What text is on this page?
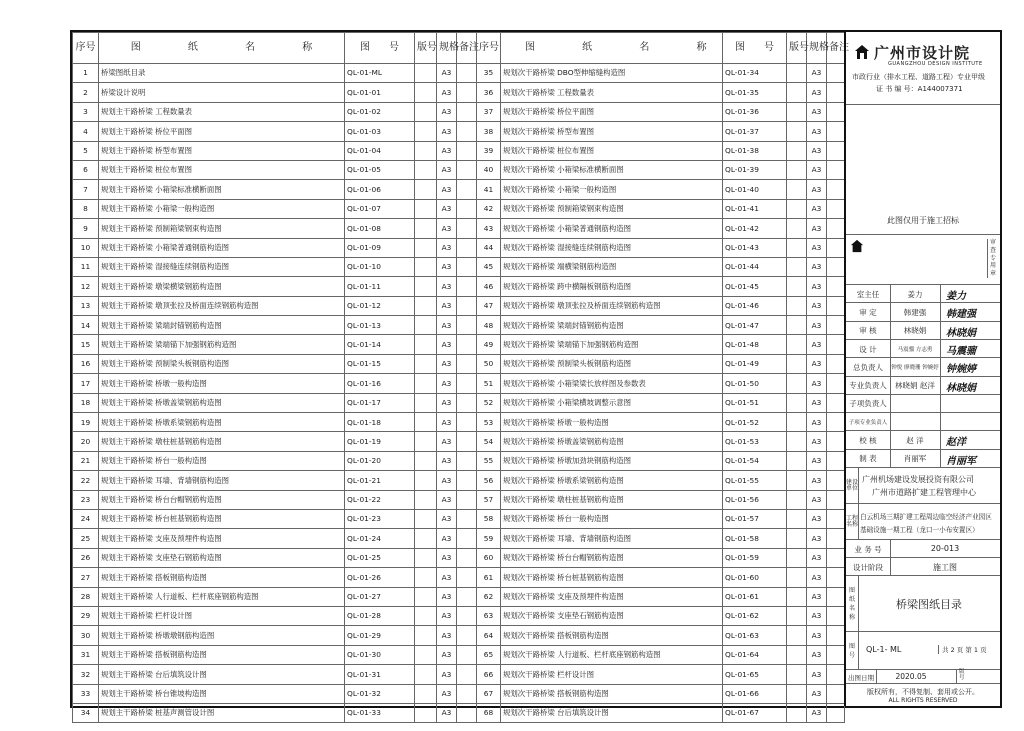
序号	图 纸 名 称	图 号	版号	规格	备注
1	桥梁图纸目录	QL-01-ML		A3	
2	桥梁设计说明	QL-01-01		A3	
3	规划主干路桥梁 工程数量表	QL-01-02		A3	
4	规划主干路桥梁 桥位平面图	QL-01-03		A3	
5	规划主干路桥梁 桥型布置图	QL-01-04		A3	
6	规划主干路桥梁 桩位布置图	QL-01-05		A3	
7	规划主干路桥梁 小箱梁标准横断面图	QL-01-06		A3	
8	规划主干路桥梁 小箱梁一般构造图	QL-01-07		A3	
9	规划主干路桥梁 预制箱梁钢束构造图	QL-01-08		A3	
10	规划主干路桥梁 小箱梁普通钢筋构造图	QL-01-09		A3	
11	规划主干路桥梁 湿接缝连续钢筋构造图	QL-01-10		A3	
12	规划主干路桥梁 墩梁横梁钢筋构造图	QL-01-11		A3	
13	规划主干路桥梁 墩顶张拉及桥面连续钢筋构造图	QL-01-12		A3	
14	规划主干路桥梁 梁端封锚钢筋构造图	QL-01-13		A3	
15	规划主干路桥梁 梁端锚下加强钢筋构造图	QL-01-14		A3	
16	规划主干路桥梁 预制梁头板钢筋构造图	QL-01-15		A3	
17	规划主干路桥梁 桥墩一般构造图	QL-01-16		A3	
18	规划主干路桥梁 桥墩盖梁钢筋构造图	QL-01-17		A3	
19	规划主干路桥梁 桥墩系梁钢筋构造图	QL-01-18		A3	
20	规划主干路桥梁 墩柱桩基钢筋构造图	QL-01-19		A3	
21	规划主干路桥梁 桥台一般构造图	QL-01-20		A3	
22	规划主干路桥梁 耳墙、背墙钢筋构造图	QL-01-21		A3	
23	规划主干路桥梁 桥台台帽钢筋构造图	QL-01-22		A3	
24	规划主干路桥梁 桥台桩基钢筋构造图	QL-01-23		A3	
25	规划主干路桥梁 支座及预埋件构造图	QL-01-24		A3	
26	规划主干路桥梁 支座垫石钢筋构造图	QL-01-25		A3	
27	规划主干路桥梁 搭板钢筋构造图	QL-01-26		A3	
28	规划主干路桥梁 人行道板、栏杆底座钢筋构造图	QL-01-27		A3	
29	规划主干路桥梁 栏杆设计图	QL-01-28		A3	
30	规划主干路桥梁 桥墩墩钢筋构造图	QL-01-29		A3	
31	规划主干路桥梁 搭板钢筋构造图	QL-01-30		A3	
32	规划主干路桥梁 台后填筑设计图	QL-01-31		A3	
33	规划主干路桥梁 桥台锥坡构造图	QL-01-32		A3	
34	规划主干路桥梁 桩基声测管设计图	QL-01-33		A3	
序号	图 纸 名 称	图 号	版号	规格	备注
35	规划次干路桥梁 DBO型伸缩缝构造图	QL-01-34		A3	
36	规划次干路桥梁 工程数量表	QL-01-35		A3	
37	规划次干路桥梁 桥位平面图	QL-01-36		A3	
38	规划次干路桥梁 桥型布置图	QL-01-37		A3	
39	规划次干路桥梁 桩位布置图	QL-01-38		A3	
40	规划次干路桥梁 小箱梁标准横断面图	QL-01-39		A3	
41	规划次干路桥梁 小箱梁一般构造图	QL-01-40		A3	
42	规划次干路桥梁 预制箱梁钢束构造图	QL-01-41		A3	
43	规划次干路桥梁 小箱梁普通钢筋构造图	QL-01-42		A3	
44	规划次干路桥梁 湿接缝连续钢筋构造图	QL-01-43		A3	
45	规划次干路桥梁 端横梁钢筋构造图	QL-01-44		A3	
46	规划次干路桥梁 跨中横隔板钢筋构造图	QL-01-45		A3	
47	规划次干路桥梁 墩顶张拉及桥面连续钢筋构造图	QL-01-46		A3	
48	规划次干路桥梁 梁端封锚钢筋构造图	QL-01-47		A3	
49	规划次干路桥梁 梁端锚下加强钢筋构造图	QL-01-48		A3	
50	规划次干路桥梁 预制梁头板钢筋构造图	QL-01-49		A3	
51	规划次干路桥梁 小箱梁梁长放样图及参数表	QL-01-50		A3	
52	规划次干路桥梁 小箱梁横坡调整示意图	QL-01-51		A3	
53	规划次干路桥梁 桥墩一般构造图	QL-01-52		A3	
54	规划次干路桥梁 桥墩盖梁钢筋构造图	QL-01-53		A3	
55	规划次干路桥梁 桥墩加劲块钢筋构造图	QL-01-54		A3	
56	规划次干路桥梁 桥墩系梁钢筋构造图	QL-01-55		A3	
57	规划次干路桥梁 墩柱桩基钢筋构造图	QL-01-56		A3	
58	规划次干路桥梁 桥台一般构造图	QL-01-57		A3	
59	规划次干路桥梁 耳墙、背墙钢筋构造图	QL-01-58		A3	
60	规划次干路桥梁 桥台台帽钢筋构造图	QL-01-59		A3	
61	规划次干路桥梁 桥台桩基钢筋构造图	QL-01-60		A3	
62	规划次干路桥梁 支座及预埋件构造图	QL-01-61		A3	
63	规划次干路桥梁 支座垫石钢筋构造图	QL-01-62		A3	
64	规划次干路桥梁 搭板钢筋构造图	QL-01-63		A3	
65	规划次干路桥梁 人行道板、栏杆底座钢筋构造图	QL-01-64		A3	
66	规划次干路桥梁 栏杆设计图	QL-01-65		A3	
67	规划次干路桥梁 搭板钢筋构造图	QL-01-66		A3	
68	规划次干路桥梁 台后填筑设计图	QL-01-67		A3	
广州市设计院
GUANGZHOU DESIGN INSTITUTE
市政行业（排水工程、道路工程）专业甲级
证 书 编 号：A144007371
此图仅用于施工招标
审 查 专 用 章
室主任	姜力	姜力
审 定	韩建强	韩建强
审 核	林晓娟	林晓娟
设 计	马震骝 方志勇	马震骝
总负责人	钟悦 廖晓珊 钟婉婷 钟婉婷
专业负责人	林晓娟 赵洋	林晓娟
子项负责人
子项专业负责人
校 核	赵 洋	赵洋
制 表	肖丽军	肖丽军
建设单位
广州机场建设发展投资有限公司
广州市道路扩建工程管理中心
工程名称
白云机场三期扩建工程周边临空经济产业园区
基础设施一期工程（龙口一小布安置区）
业 务 号	20-013
设计阶段	施工图
图 纸 名 称
桥梁图纸目录
图 号
QL-1- ML	共 2 页 第 1 页
出图日期	2020.05	版号
版权所有，不得复制、套用或公开。
ALL RIGHTS RESERVED
